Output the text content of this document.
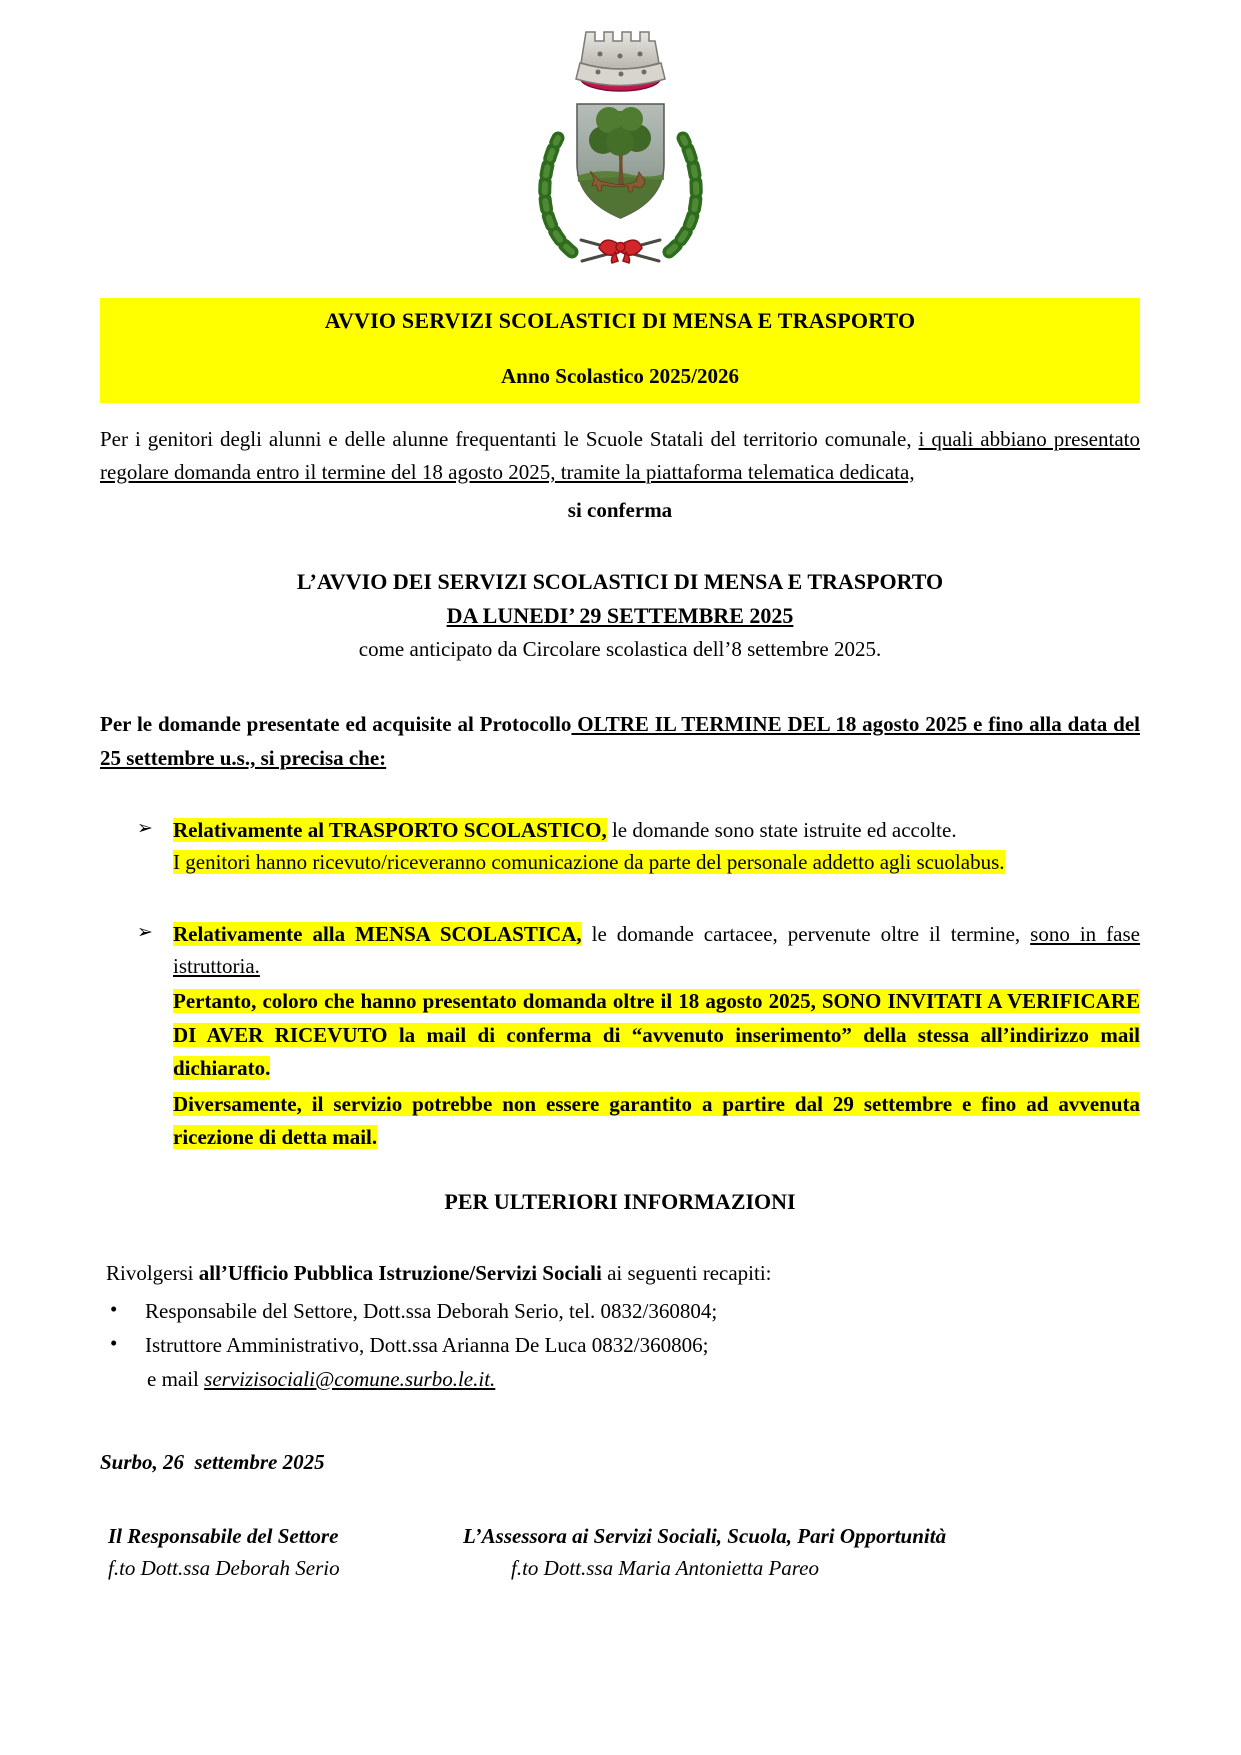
AVVIO SERVIZI SCOLASTICI DI MENSA E TRASPORTO
Anno Scolastico 2025/2026

Per i genitori degli alunni e delle alunne frequentanti le Scuole Statali del territorio comunale, i quali abbiano presentato regolare domanda entro il termine del 18 agosto 2025, tramite la piattaforma telematica dedicata,

si conferma

L’AVVIO DEI SERVIZI SCOLASTICI DI MENSA E TRASPORTO

DA LUNEDI’ 29 SETTEMBRE 2025

come anticipato da Circolare scolastica dell’8 settembre 2025.

Per le domande presentate ed acquisite al Protocollo OLTRE IL TERMINE DEL 18 agosto 2025 e fino alla data del 25 settembre u.s., si precisa che:

➢ Relativamente al TRASPORTO SCOLASTICO, le domande sono state istruite ed accolte.
I genitori hanno ricevuto/riceveranno comunicazione da parte del personale addetto agli scuolabus.
➢ Relativamente alla MENSA SCOLASTICA, le domande cartacee, pervenute oltre il termine, sono in fase istruttoria.
Pertanto, coloro che hanno presentato domanda oltre il 18 agosto 2025, SONO INVITATI A VERIFICARE DI AVER RICEVUTO la mail di conferma di “avvenuto inserimento” della stessa all’indirizzo mail dichiarato.
Diversamente, il servizio potrebbe non essere garantito a partire dal 29 settembre e fino ad avvenuta ricezione di detta mail.

PER ULTERIORI INFORMAZIONI

Rivolgersi all’Ufficio Pubblica Istruzione/Servizi Sociali ai seguenti recapiti:

• Responsabile del Settore, Dott.ssa Deborah Serio, tel. 0832/360804;
• Istruttore Amministrativo, Dott.ssa Arianna De Luca 0832/360806;
e mail servizisociali@comune.surbo.le.it.

Surbo, 26  settembre 2025

Il Responsabile del Settore
f.to Dott.ssa Deborah Serio
L’Assessora ai Servizi Sociali, Scuola, Pari Opportunità
f.to Dott.ssa Maria Antonietta Pareo
